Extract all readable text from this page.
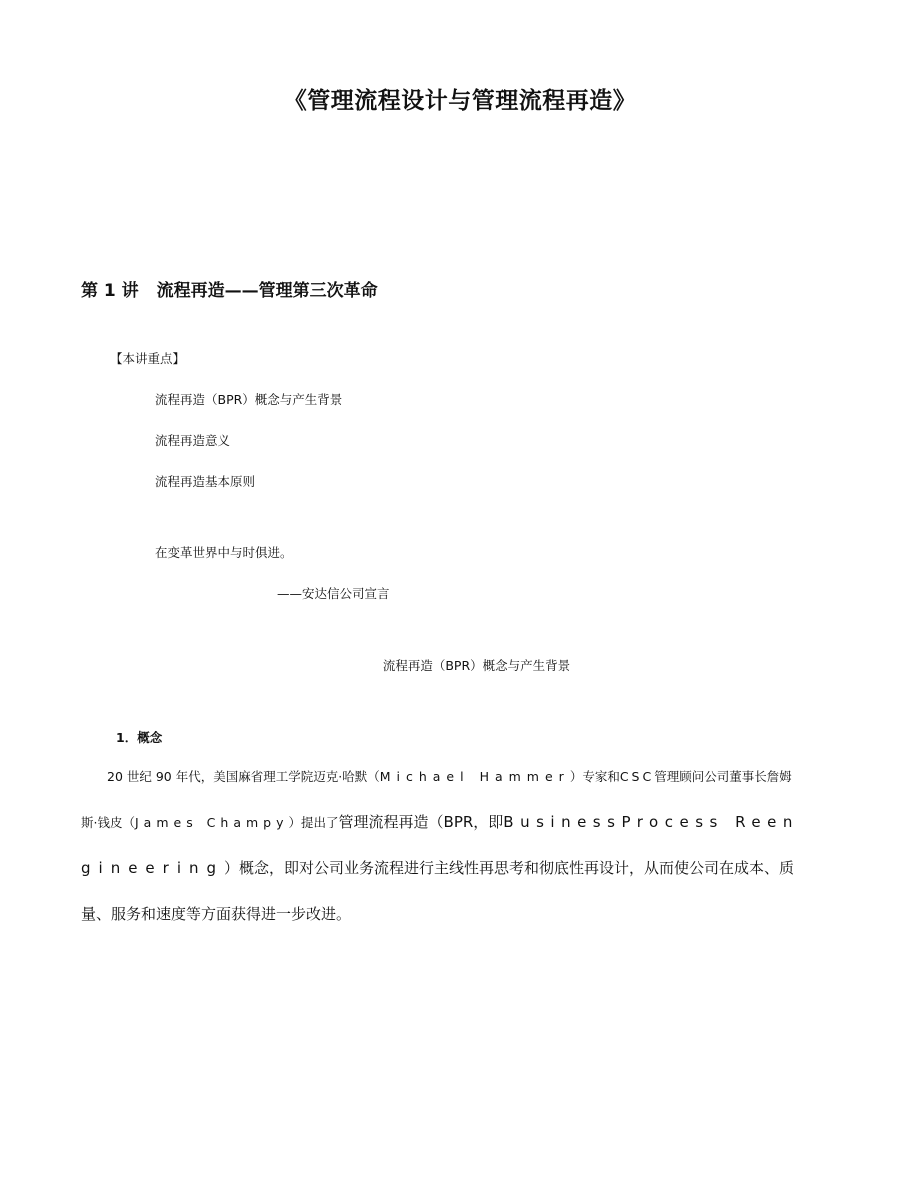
《管理流程设计与管理流程再造》
第 1 讲 流程再造——管理第三次革命
【本讲重点】
流程再造（BPR）概念与产生背景
流程再造意义
流程再造基本原则
在变革世界中与时俱进。
——安达信公司宣言
流程再造（BPR）概念与产生背景
1．概念
20 世纪 90 年代，美国麻省理工学院迈克·哈默（Michael Hammer）专家和CSC管理顾问公司董事长詹姆
斯·钱皮（James Champy）提出了管理流程再造（BPR，即BusinessProcess Reen
gineering）概念，即对公司业务流程进行主线性再思考和彻底性再设计，从而使公司在成本、质
量、服务和速度等方面获得进一步改进。
